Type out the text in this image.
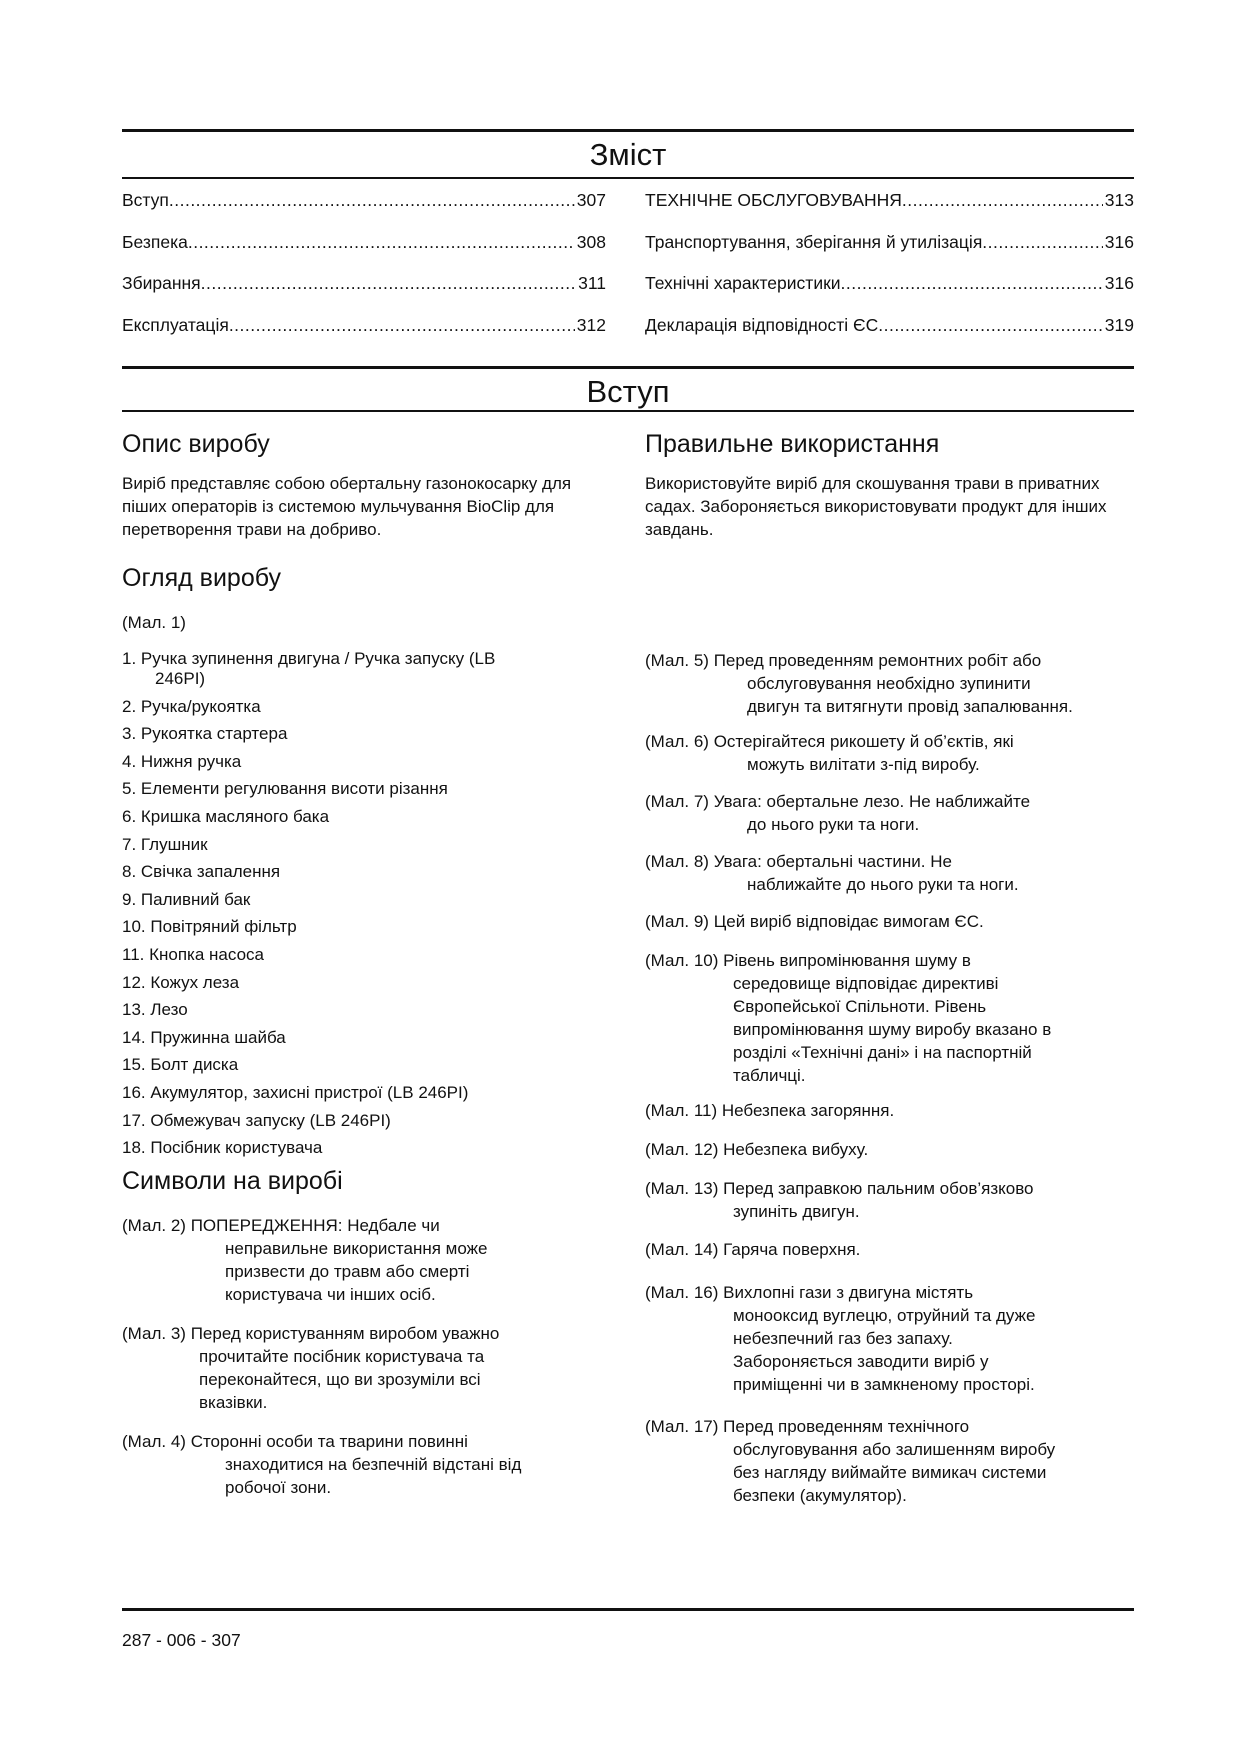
Зміст
Вступ .....	307
Безпека .....	308
Збирання .....	311
Експлуатація .....	312
ТЕХНІЧНЕ ОБСЛУГОВУВАННЯ .....	313
Транспортування, зберігання й утилізація .....	316
Технічні характеристики .....	316
Декларація відповідності ЄС .....	319
Вступ
Опис виробу

Виріб представляє собою обертальну газонокосарку для піших операторів із системою мульчування BioClip для перетворення трави на добриво.

Правильне використання

Використовуйте виріб для скошування трави в приватних садах. Забороняється використовувати продукт для інших завдань.

Огляд виробу

(Мал. 1)

1. Ручка зупинення двигуна / Ручка запуску (LB
246PI)
2. Ручка/рукоятка
3. Рукоятка стартера
4. Нижня ручка
5. Елементи регулювання висоти різання
6. Кришка масляного бака
7. Глушник
8. Свічка запалення
9. Паливний бак
10. Повітряний фільтр
11. Кнопка насоса
12. Кожух леза
13. Лезо
14. Пружинна шайба
15. Болт диска
16. Акумулятор, захисні пристрої (LB 246PI)
17. Обмежувач запуску (LB 246PI)
18. Посібник користувача
Символи на виробі
(Мал. 2) ПОПЕРЕДЖЕННЯ: Недбале чи
неправильне використання може
призвести до травм або смерті
користувача чи інших осіб.
(Мал. 3) Перед користуванням виробом уважно
прочитайте посібник користувача та
переконайтеся, що ви зрозуміли всі
вказівки.
(Мал. 4) Сторонні особи та тварини повинні
знаходитися на безпечній відстані від
робочої зони.
(Мал. 5) Перед проведенням ремонтних робіт або
обслуговування необхідно зупинити
двигун та витягнути провід запалювання.
(Мал. 6) Остерігайтеся рикошету й об’єктів, які
можуть вилітати з-під виробу.
(Мал. 7) Увага: обертальне лезо. Не наближайте
до нього руки та ноги.
(Мал. 8) Увага: обертальні частини. Не
наближайте до нього руки та ноги.
(Мал. 9) Цей виріб відповідає вимогам ЄС.
(Мал. 10) Рівень випромінювання шуму в
середовище відповідає директиві
Європейської Спільноти. Рівень
випромінювання шуму виробу вказано в
розділі «Технічні дані» і на паспортній
табличці.
(Мал. 11) Небезпека загоряння.
(Мал. 12) Небезпека вибуху.
(Мал. 13) Перед заправкою пальним обов’язково
зупиніть двигун.
(Мал. 14) Гаряча поверхня.
(Мал. 16) Вихлопні гази з двигуна містять
монооксид вуглецю, отруйний та дуже
небезпечний газ без запаху.
Забороняється заводити виріб у
приміщенні чи в замкненому просторі.
(Мал. 17) Перед проведенням технічного
обслуговування або залишенням виробу
без нагляду виймайте вимикач системи
безпеки (акумулятор).
287 - 006 - 307
